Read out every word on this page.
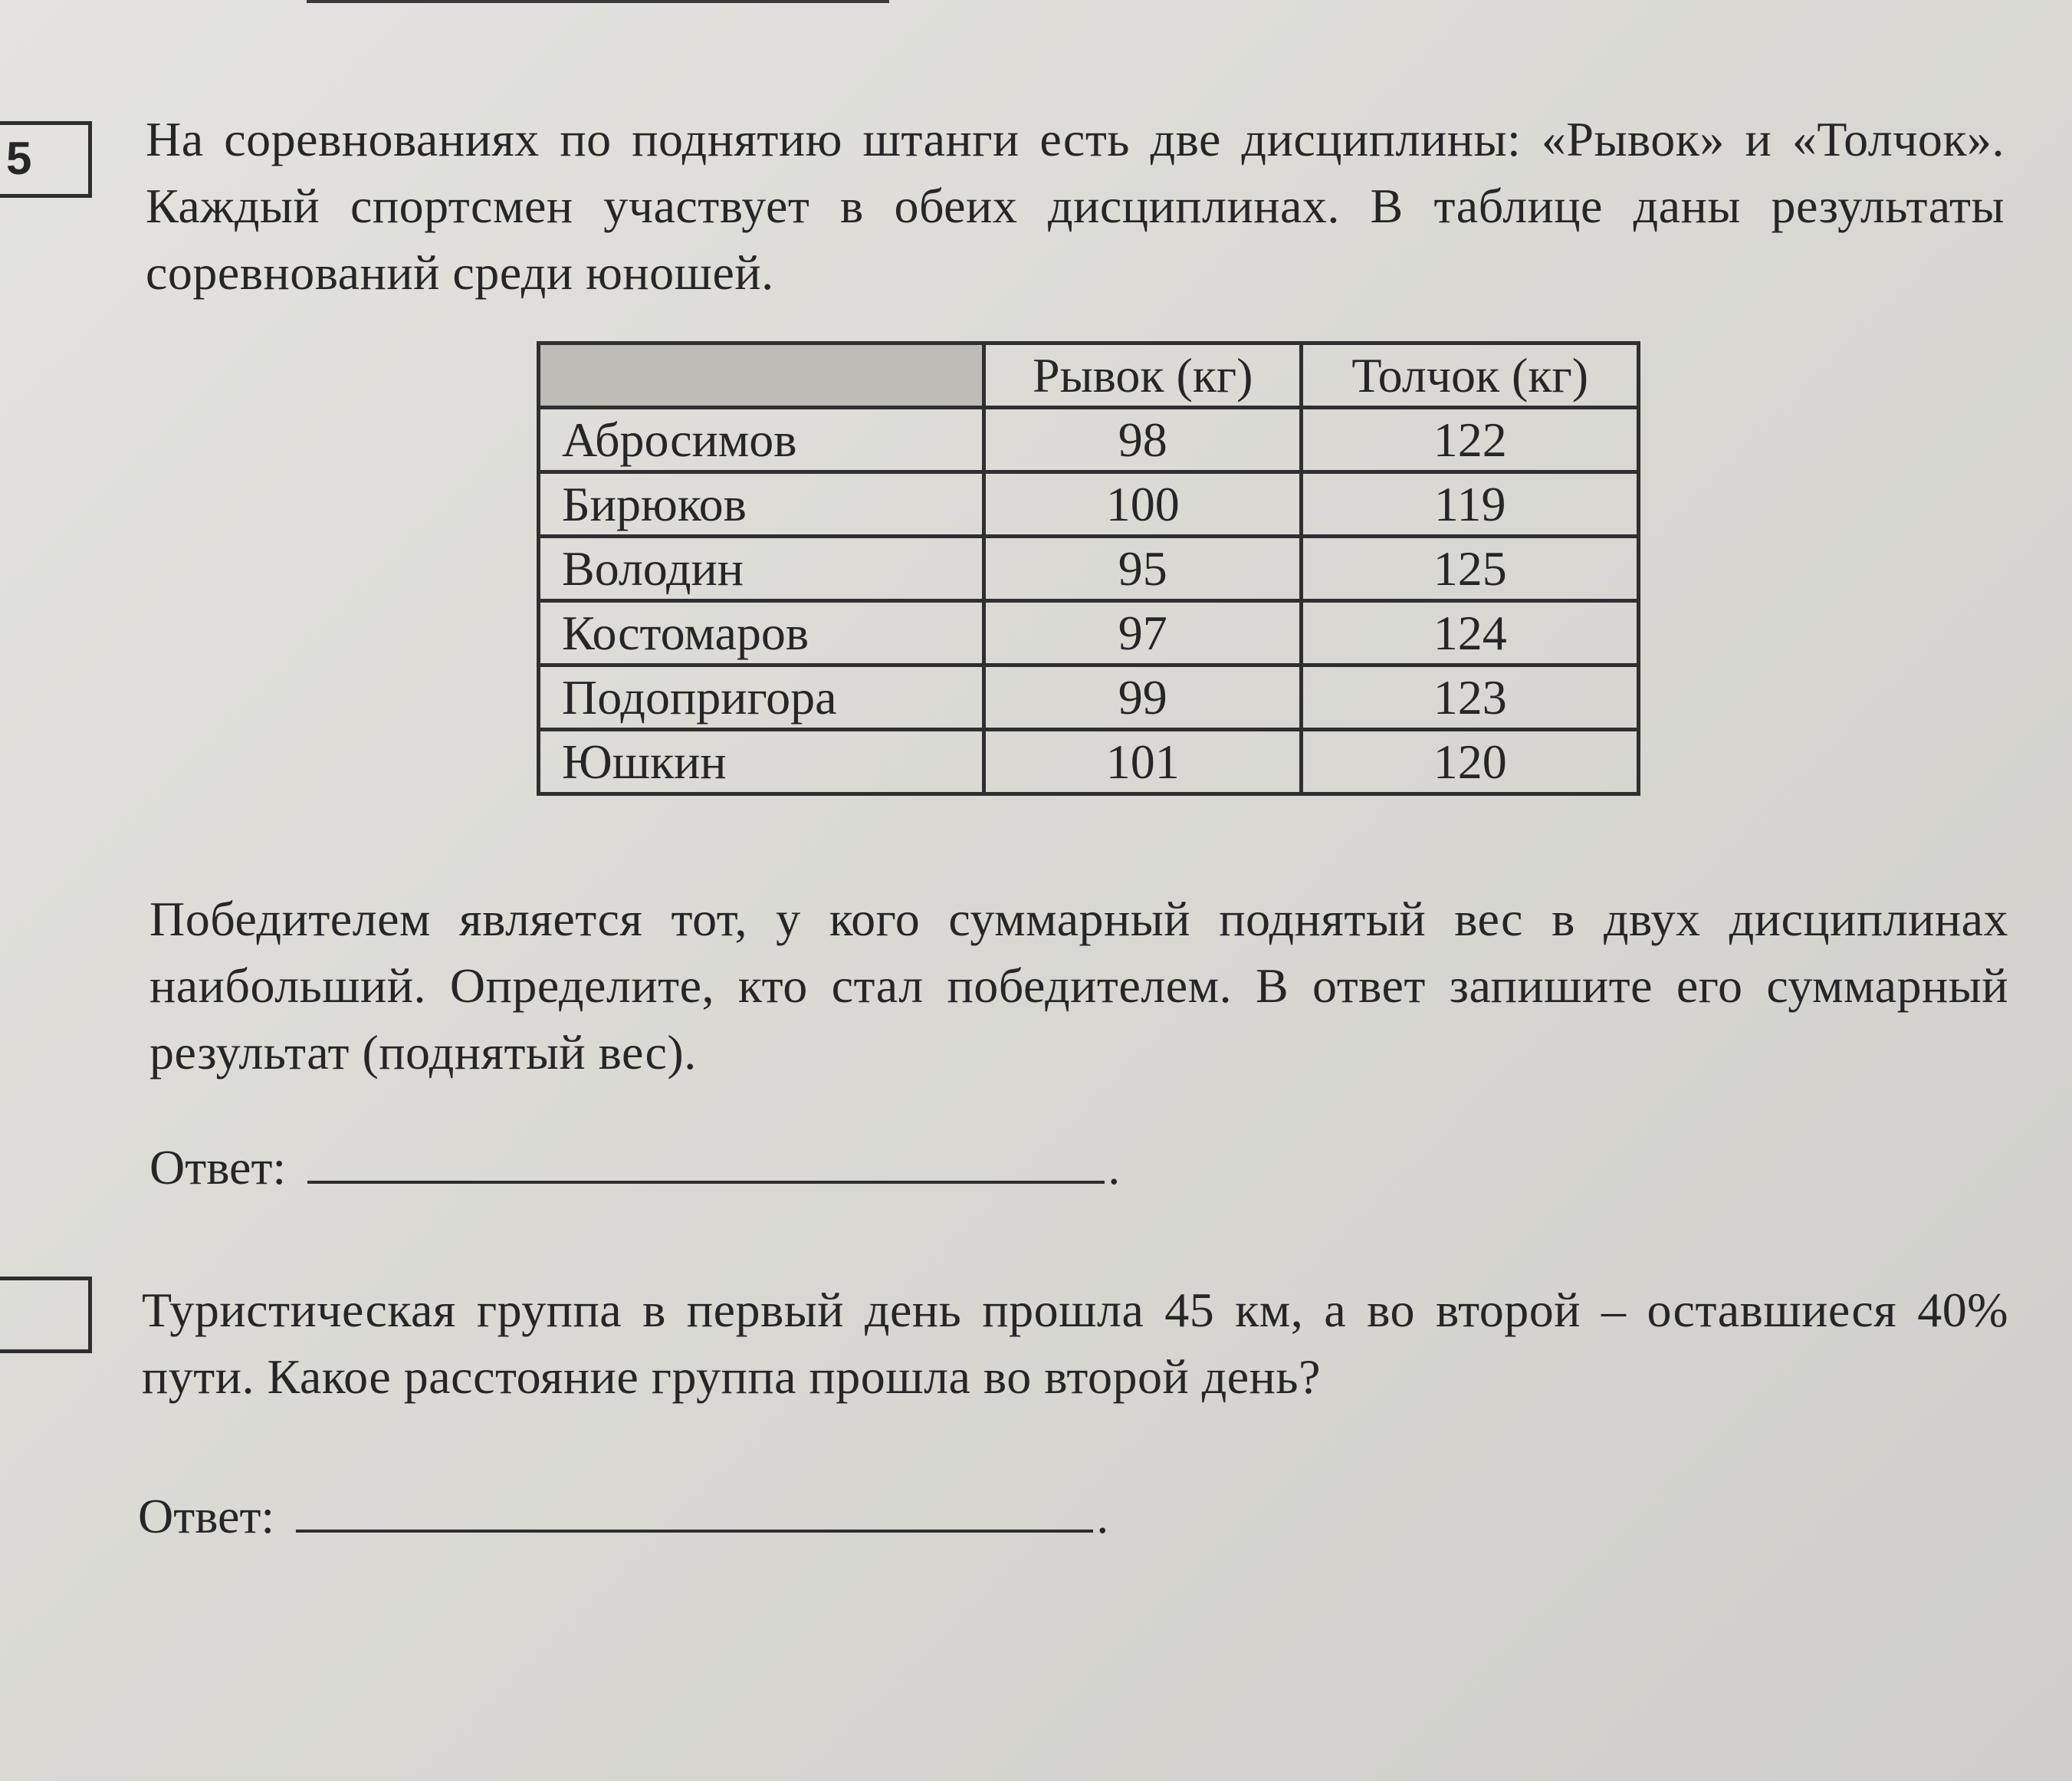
5	На соревнованиях по поднятию штанги есть две дисциплины: «Рывок» и «Толчок». Каждый спортсмен участвует в обеих дисциплинах. В таблице даны результаты соревнований среди юношей.

	Рывок (кг)	Толчок (кг)
Абросимов	98	122
Бирюков	100	119
Володин	95	125
Костомаров	97	124
Подопригора	99	123
Юшкин	101	120

Победителем является тот, у кого суммарный поднятый вес в двух дисциплинах наибольший. Определите, кто стал победителем. В ответ запишите его суммарный результат (поднятый вес).

Ответ:	.

Туристическая группа в первый день прошла 45 км, а во второй – оставшиеся 40% пути. Какое расстояние группа прошла во второй день?

Ответ:	.
